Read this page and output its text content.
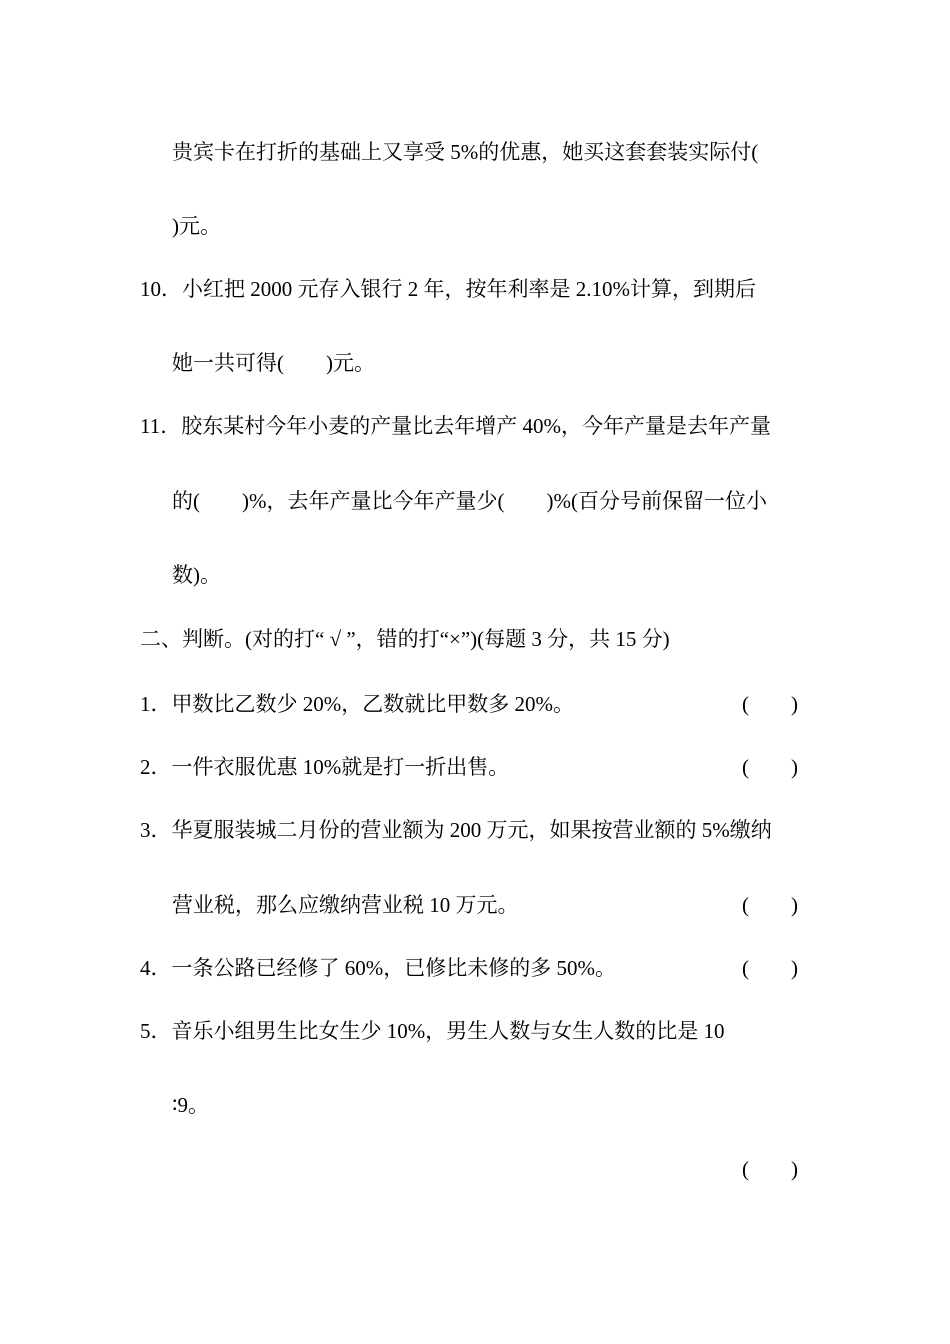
贵宾卡在打折的基础上又享受 5%的优惠，她买这套套装实际付(

)元。

10．小红把 2000 元存入银行 2 年，按年利率是 2.10%计算，到期后

她一共可得(　　)元。

11．胶东某村今年小麦的产量比去年增产 40%，今年产量是去年产量

的(　　)%，去年产量比今年产量少(　　)%(百分号前保留一位小

数)。

二、判断。(对的打“ √ ”，错的打“×”)(每题 3 分，共 15 分)

1．甲数比乙数少 20%，乙数就比甲数多 20%。	(　　)

2．一件衣服优惠 10%就是打一折出售。	(　　)

3．华夏服装城二月份的营业额为 200 万元，如果按营业额的 5%缴纳

营业税，那么应缴纳营业税 10 万元。	(　　)

4．一条公路已经修了 60%，已修比未修的多 50%。	(　　)

5．音乐小组男生比女生少 10%，男生人数与女生人数的比是 10

∶9。

(　　)
